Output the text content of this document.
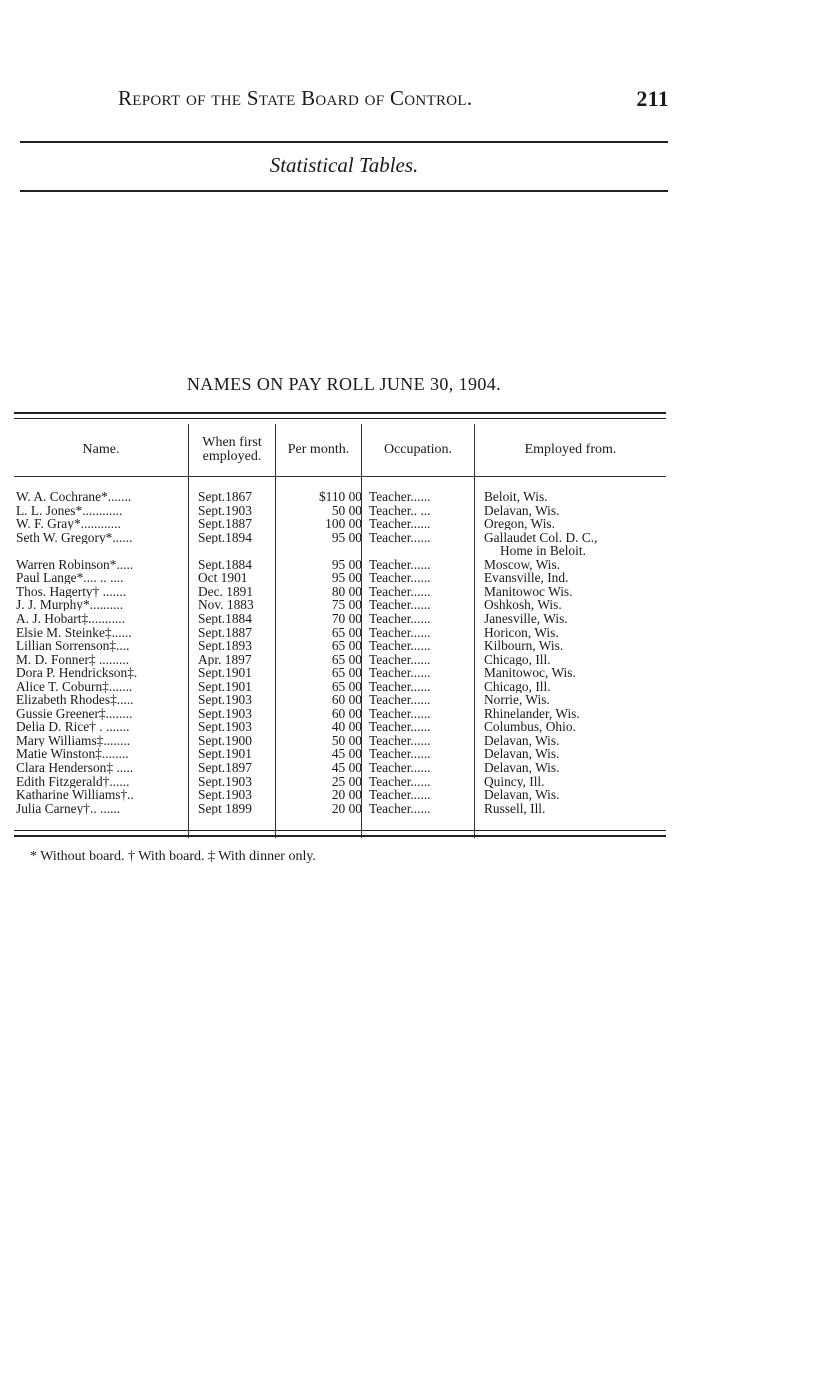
Report of the State Board of Control.	211
Statistical Tables.
NAMES ON PAY ROLL JUNE 30, 1904.
Name.	When first employed.	Per month.	Occupation.	Employed from.
W. A. Cochrane*.......	Sept.1867	$110 00 Teacher......	Beloit, Wis.
L. L. Jones*............	Sept.1903	50 00 Teacher.. ...	Delavan, Wis.
W. F. Gray*............	Sept.1887	100 00 Teacher......	Oregon, Wis.
Seth W. Gregory*......	Sept.1894	95 00 Teacher......	Gallaudet Col. D. C.,
Home in Beloit.
Warren Robinson*.....	Sept.1884	95 00 Teacher......	Moscow, Wis.
Paul Lange*.... .. ....	Oct 1901	95 00 Teacher......	Evansville, Ind.
Thos. Hagerty† .......	Dec. 1891	80 00 Teacher......	Manitowoc Wis.
J. J. Murphy*..........	Nov. 1883	75 00 Teacher......	Oshkosh, Wis.
A. J. Hobart‡...........	Sept.1884	70 00 Teacher......	Janesville, Wis.
Elsie M. Steinke‡......	Sept.1887	65 00 Teacher......	Horicon, Wis.
Lillian Sorrenson‡....	Sept.1893	65 00 Teacher......	Kilbourn, Wis.
M. D. Fonner‡ .........	Apr. 1897	65 00 Teacher......	Chicago, Ill.
Dora P. Hendrickson‡.	Sept.1901	65 00 Teacher......	Manitowoc, Wis.
Alice T. Coburn‡.......	Sept.1901	65 00 Teacher......	Chicago, Ill.
Elizabeth Rhodes‡.....	Sept.1903	60 00 Teacher......	Norrie, Wis.
Gussie Greener‡........	Sept.1903	60 00 Teacher......	Rhinelander, Wis.
Delia D. Rice† . .......	Sept.1903	40 00 Teacher......	Columbus, Ohio.
Mary Williams‡........	Sept.1900	50 00 Teacher......	Delavan, Wis.
Matie Winston‡........	Sept.1901	45 00 Teacher......	Delavan, Wis.
Clara Henderson‡ .....	Sept.1897	45 00 Teacher......	Delavan, Wis.
Edith Fitzgerald†......	Sept.1903	25 00 Teacher......	Quincy, Ill.
Katharine Williams†..	Sept.1903	20 00 Teacher......	Delavan, Wis.
Julia Carney†.. ......	Sept 1899	20 00 Teacher......	Russell, Ill.
* Without board. † With board. ‡ With dinner only.
